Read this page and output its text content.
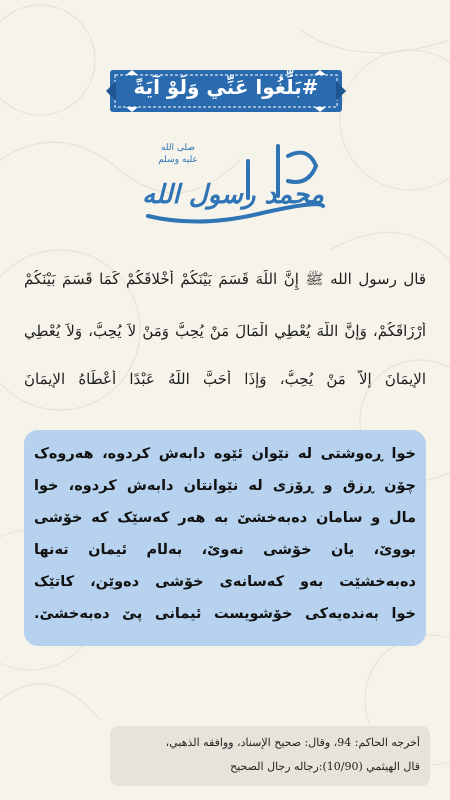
#بَلِّغُوا عَنِّي وَلَوْ آيَةً
صلى الله
عليه وسلم
محمد رسول الله
قال رسول الله ﷺ إِنَّ اللَّهَ قَسَمَ بَيْنَكُمْ أَخْلاقَكُمْ كَمَا قَسَمَ بَيْنَكُمْ
أَرْزَاقَكُمْ، وَإِنَّ اللَّهَ يُعْطِي الْمَالَ مَنْ يُحِبُّ وَمَنْ لاَ يُحِبُّ، وَلاَ يُعْطِي
الإِيمَانَ إِلاَّ مَنْ يُحِبُّ، وَإِذَا أَحَبَّ اللَّهُ عَبْدًا أَعْطَاهُ الإِيمَانَ
خوا ڕەوشتی لە نێوان ئێوە دابەش کردوە، هەروەک
چۆن ڕزق و ڕۆزی لە نێوانتان دابەش کردوە، خوا
ماڵ و سامان دەبەخشێ بە هەر کەسێک کە خۆشی
بووێ، یان خۆشی نەوێ، بەڵام ئیمان تەنها
دەبەخشێت بەو کەسانەی خۆشی دەوێن، کاتێک
خوا بەندەیەکی خۆشویست ئیمانی پێ دەبەخشێ.
أخرجه الحاكم: 94، وقال: صحيح الإسناد، ووافقه الذهبي،
قال الهيثمي (10/90):رجاله رجال الصحيح
